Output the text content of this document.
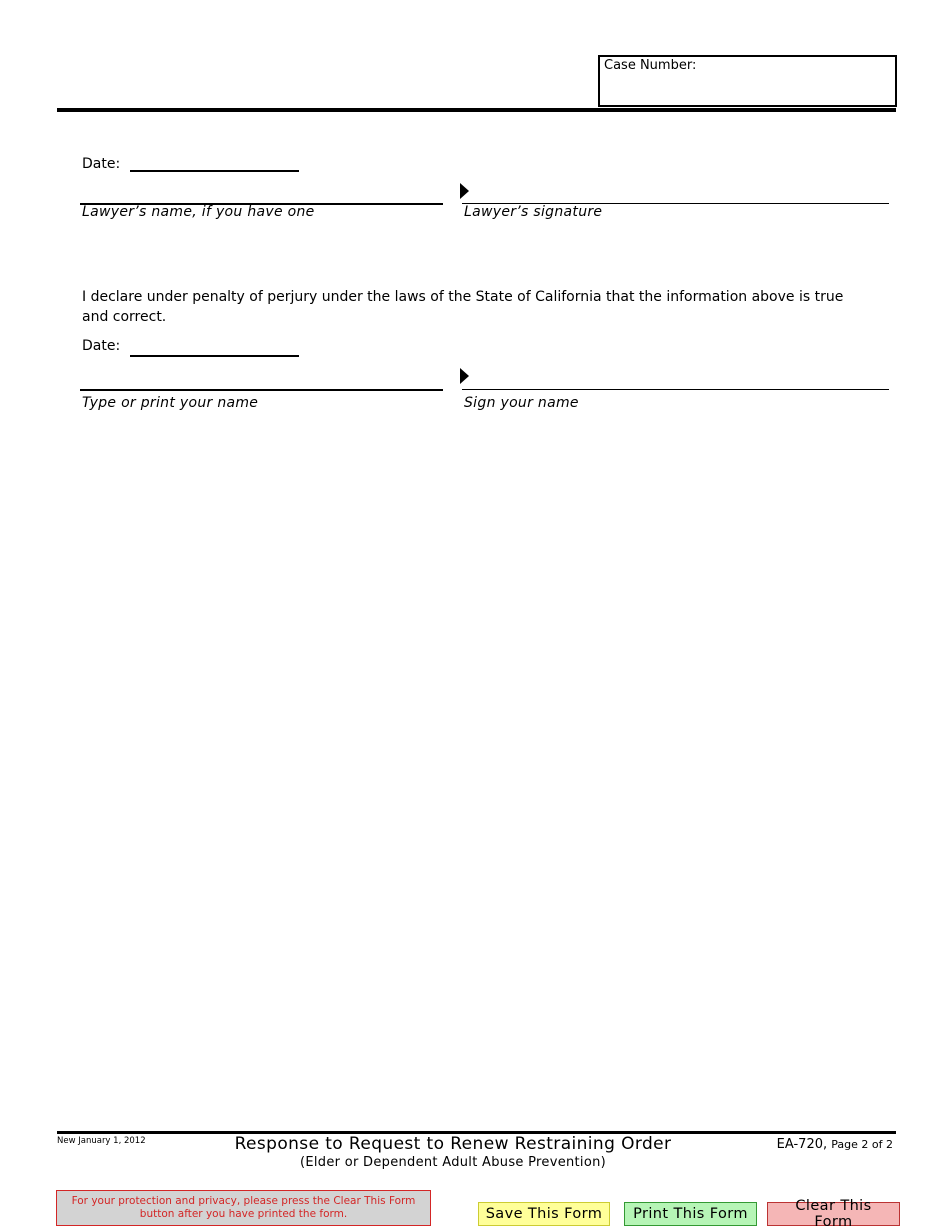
Case Number:
Date:
Lawyer’s name, if you have one	Lawyer’s signature
I declare under penalty of perjury under the laws of the State of California that the information above is true and correct.
Date:
Type or print your name	Sign your name
New January 1, 2012	Response to Request to Renew Restraining Order
(Elder or Dependent Adult Abuse Prevention)
EA-720, Page 2 of 2
For your protection and privacy, please press the Clear This Form button after you have printed the form.	Save This Form	Print This Form	Clear This Form
